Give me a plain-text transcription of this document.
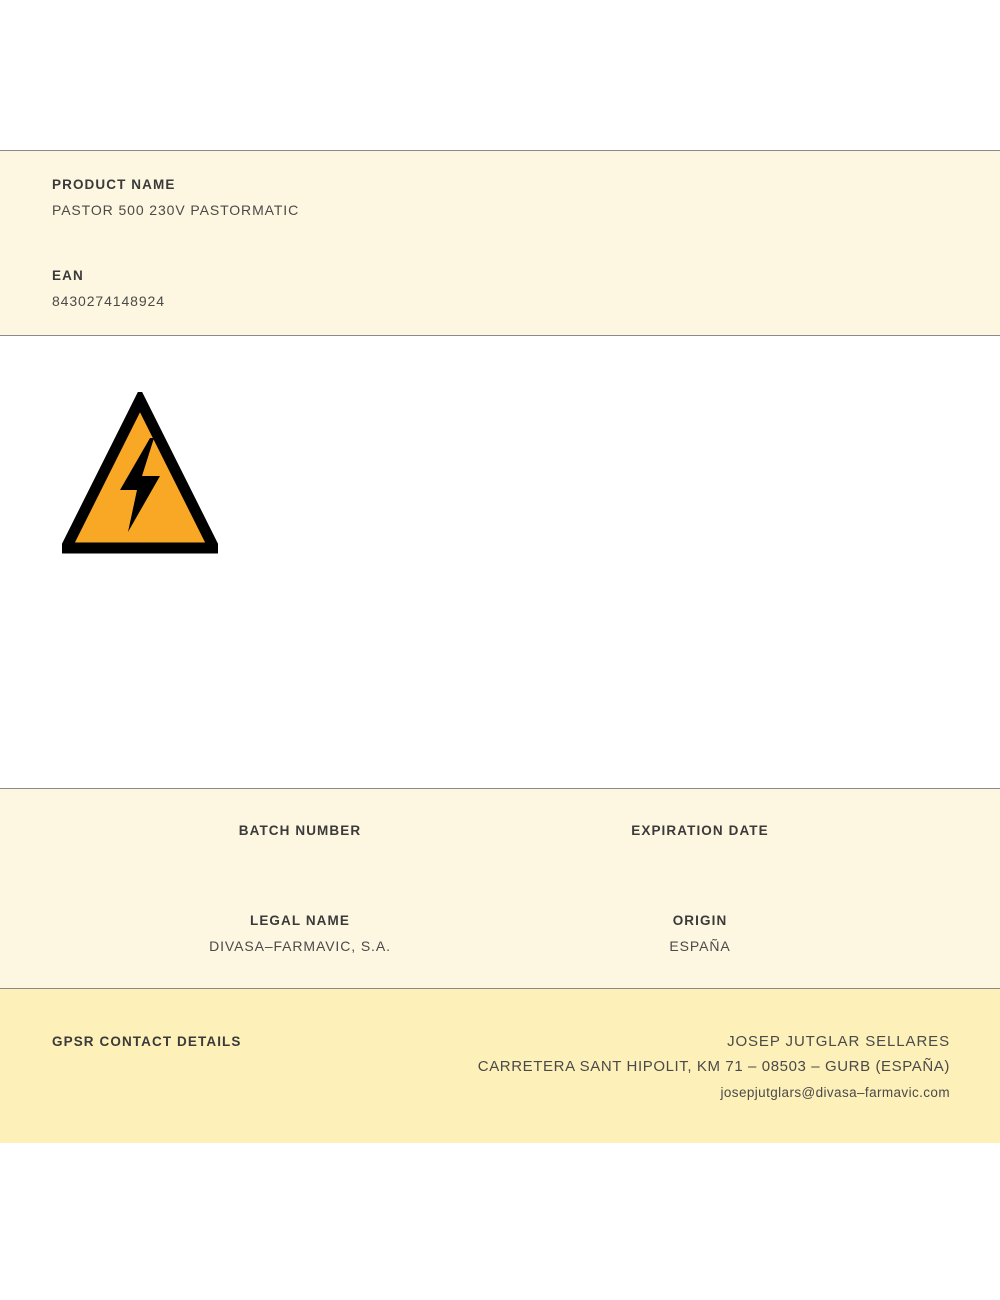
PRODUCT NAME

PASTOR 500 230V PASTORMATIC

EAN

8430274148924

BATCH NUMBER	EXPIRATION DATE

LEGAL NAME

DIVASA–FARMAVIC, S.A.

ORIGIN

ESPAÑA

GPSR CONTACT DETAILS	JOSEP JUTGLAR SELLARES

CARRETERA SANT HIPOLIT, KM 71 – 08503 – GURB (ESPAÑA)

josepjutglars@divasa–farmavic.com
